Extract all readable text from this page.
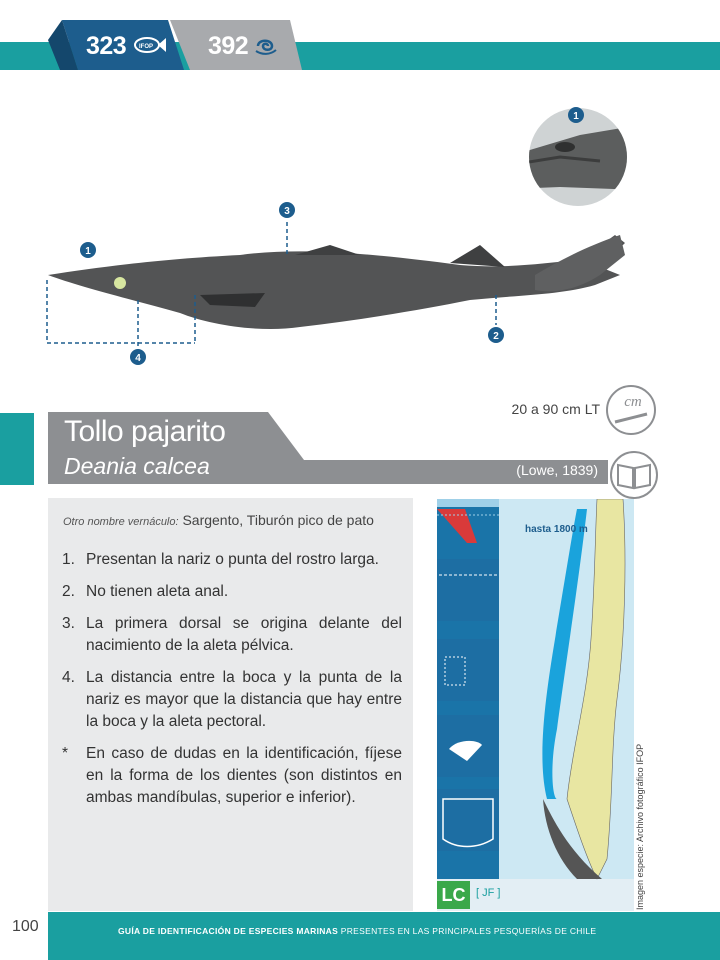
323 IFOP 392
1
1
3
2
4
Tollo pajarito
Deania calcea	(Lowe, 1839)
20 a 90 cm LT cm
Otro nombre vernáculo: Sargento, Tiburón pico de pato
1. Presentan la nariz o punta del rostro larga.
2. No tienen aleta anal.
3. La primera dorsal se origina delante del nacimiento de la aleta pélvica.
4. La distancia entre la boca y la punta de la nariz es mayor que la distancia que hay entre la boca y la aleta pectoral.
*	En caso de dudas en la identificación, fíjese en la forma de los dientes (son distintos en ambas mandíbulas, superior e inferior).
hasta 1800 m
LC [ JF ]	Imagen especie: Archivo fotográfico IFOP
100	GUÍA DE IDENTIFICACIÓN DE ESPECIES MARINAS PRESENTES EN LAS PRINCIPALES PESQUERÍAS DE CHILE
